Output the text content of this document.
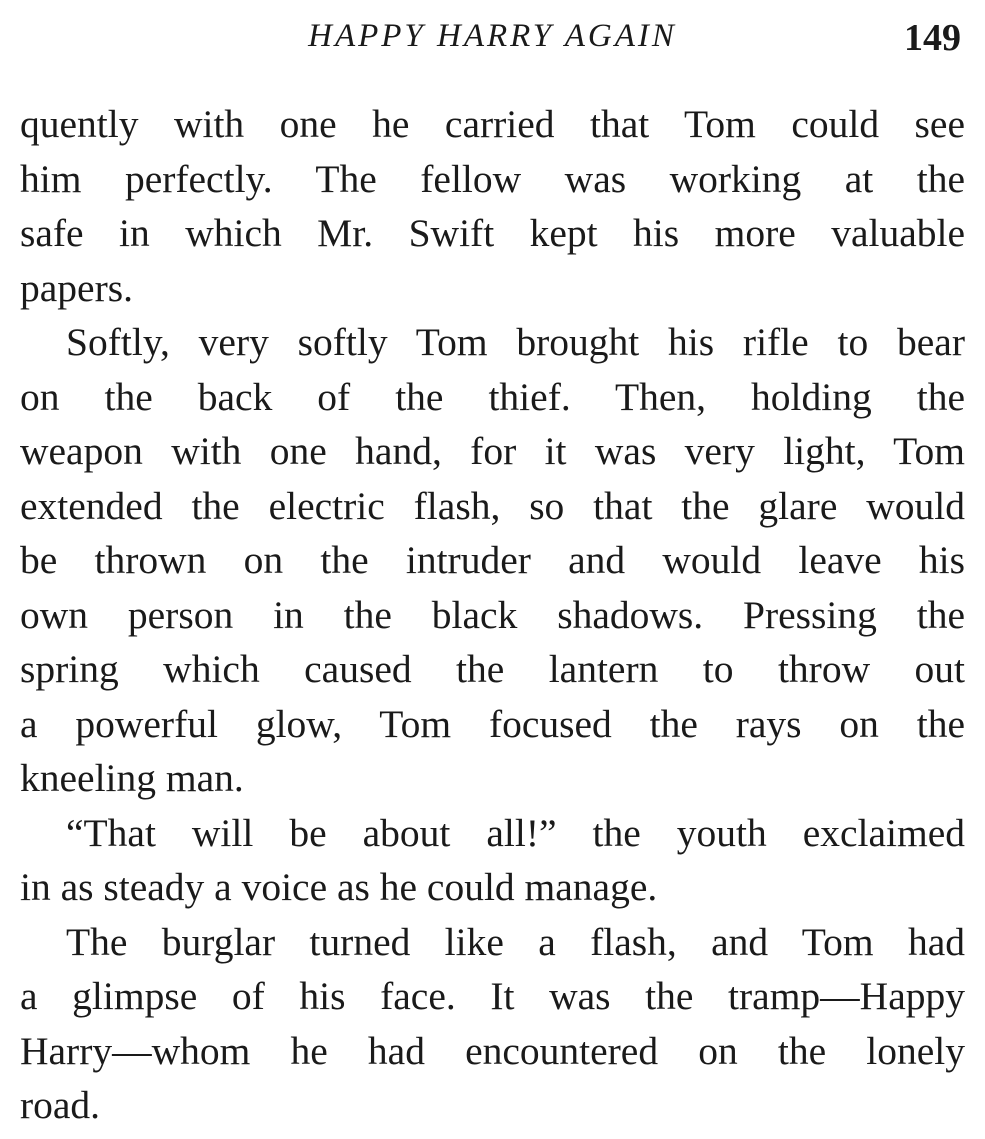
HAPPY HARRY AGAIN	149
quently with one he carried that Tom could see
him perfectly. The fellow was working at the
safe in which Mr. Swift kept his more valuable
papers.
Softly, very softly Tom brought his rifle to bear
on the back of the thief. Then, holding the
weapon with one hand, for it was very light, Tom
extended the electric flash, so that the glare would
be thrown on the intruder and would leave his
own person in the black shadows. Pressing the
spring which caused the lantern to throw out
a powerful glow, Tom focused the rays on the
kneeling man.
“That will be about all!” the youth exclaimed
in as steady a voice as he could manage.
The burglar turned like a flash, and Tom had
a glimpse of his face. It was the tramp—Happy
Harry—whom he had encountered on the lonely
road.
